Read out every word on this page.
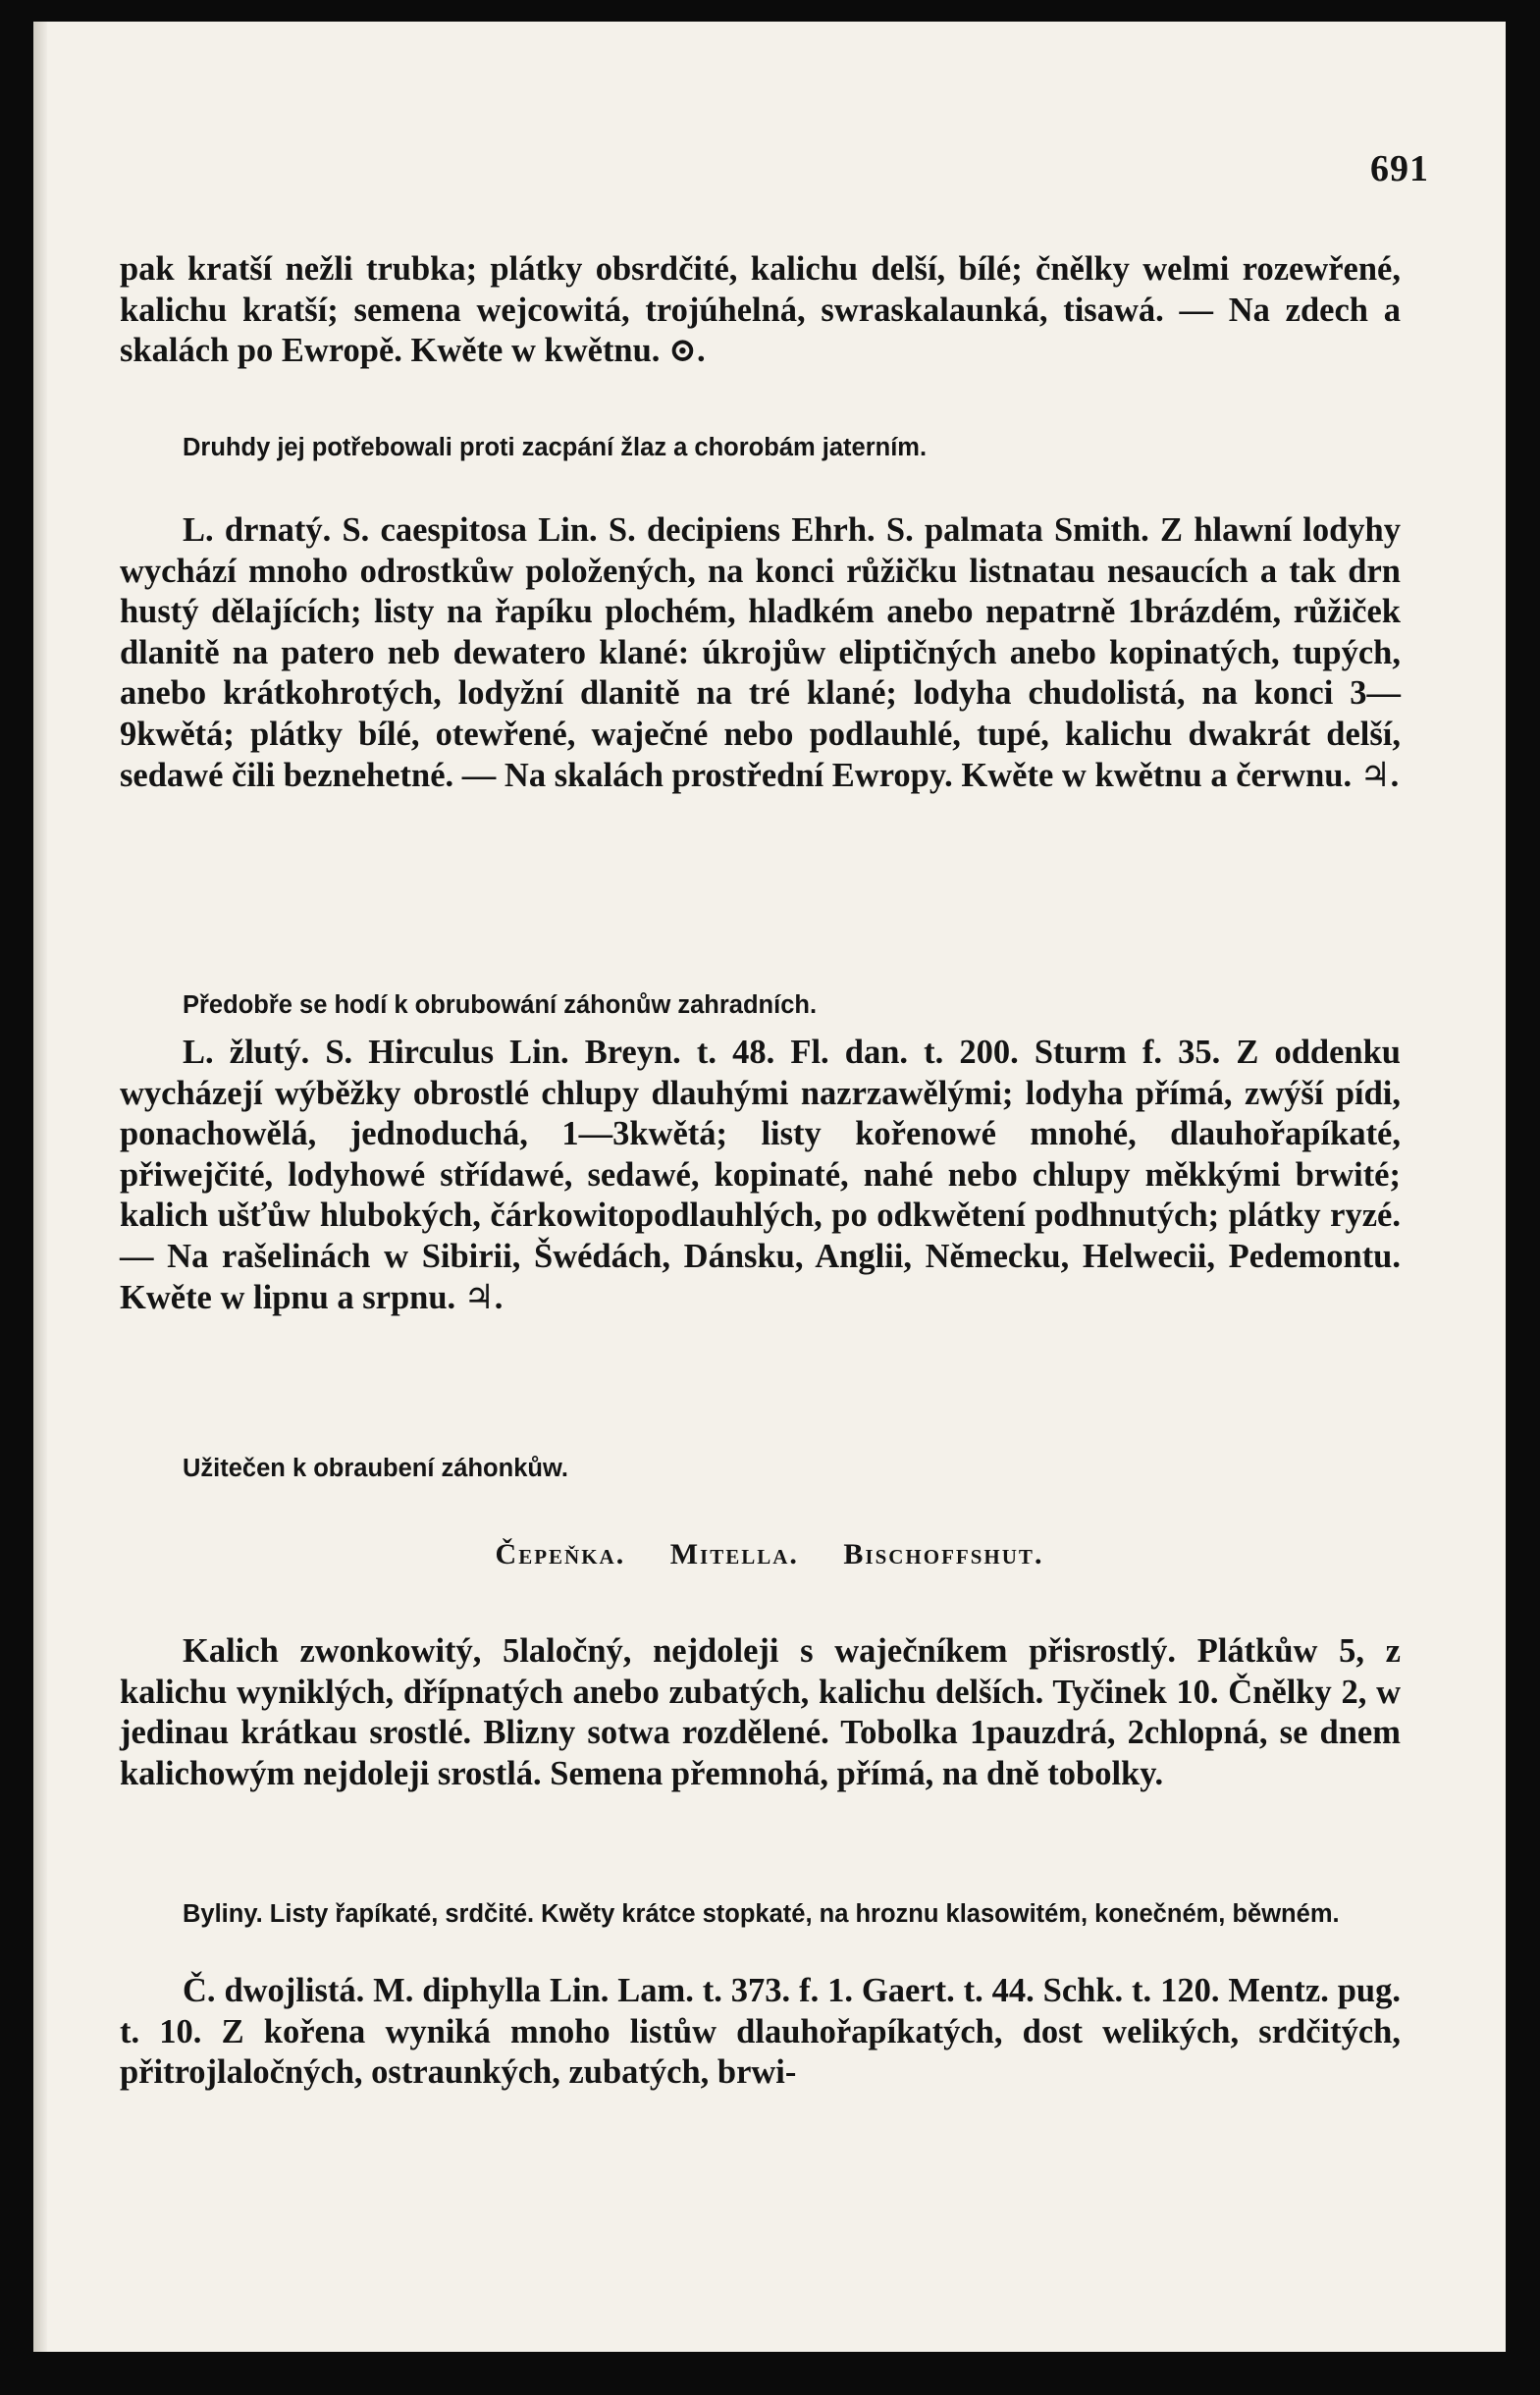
691

pak kratší nežli trubka; plátky obsrdčité, kalichu delší, bílé; čnělky welmi rozewřené, kalichu kratší; semena wejcowitá, trojúhelná, swraskalaunká, tisawá. — Na zdech a skalách po Ewropě. Kwěte w kwětnu. ⊙.

Druhdy jej potřebowali proti zacpání žlaz a chorobám jaterním.

L. drnatý. S. caespitosa Lin. S. decipiens Ehrh. S. palmata Smith. Z hlawní lodyhy wychází mnoho odrostkůw položených, na konci růžičku listnatau nesaucích a tak drn hustý dělajících; listy na řapíku plochém, hladkém anebo nepatrně 1brázdém, růžiček dlanitě na patero neb dewatero klané: úkrojůw eliptičných anebo kopinatých, tupých, anebo krátkohrotých, lodyžní dlanitě na tré klané; lodyha chudolistá, na konci 3—9kwětá; plátky bílé, otewřené, waječné nebo podlauhlé, tupé, kalichu dwakrát delší, sedawé čili beznehetné. — Na skalách prostřední Ewropy. Kwěte w kwětnu a čerwnu. ♃.

Předobře se hodí k obrubowání záhonůw zahradních.

L. žlutý. S. Hirculus Lin. Breyn. t. 48. Fl. dan. t. 200. Sturm f. 35. Z oddenku wycházejí wýběžky obrostlé chlupy dlauhými nazrzawělými; lodyha přímá, zwýší pídi, ponachowělá, jednoduchá, 1—3kwětá; listy kořenowé mnohé, dlauhořapíkaté, přiwejčité, lodyhowé střídawé, sedawé, kopinaté, nahé nebo chlupy měkkými brwité; kalich ušťůw hlubokých, čárkowitopodlauhlých, po odkwětení podhnutých; plátky ryzé. — Na rašelinách w Sibirii, Šwédách, Dánsku, Anglii, Německu, Helwecii, Pedemontu. Kwěte w lipnu a srpnu. ♃.

Užitečen k obraubení záhonkůw.

Čepeňka. Mitella. Bischoffshut.

Kalich zwonkowitý, 5laločný, nejdoleji s waječníkem přisrostlý. Plátkůw 5, z kalichu wyniklých, dřípnatých anebo zubatých, kalichu delších. Tyčinek 10. Čnělky 2, w jedinau krátkau srostlé. Blizny sotwa rozdělené. Tobolka 1pauzdrá, 2chlopná, se dnem kalichowým nejdoleji srostlá. Semena přemnohá, přímá, na dně tobolky.

Byliny. Listy řapíkaté, srdčité. Kwěty krátce stopkaté, na hroznu klasowitém, konečném, běwném.

Č. dwojlistá. M. diphylla Lin. Lam. t. 373. f. 1. Gaert. t. 44. Schk. t. 120. Mentz. pug. t. 10. Z kořena wyniká mnoho listůw dlauhořapíkatých, dost welikých, srdčitých, přitrojlaločných, ostraunkých, zubatých, brwi-
